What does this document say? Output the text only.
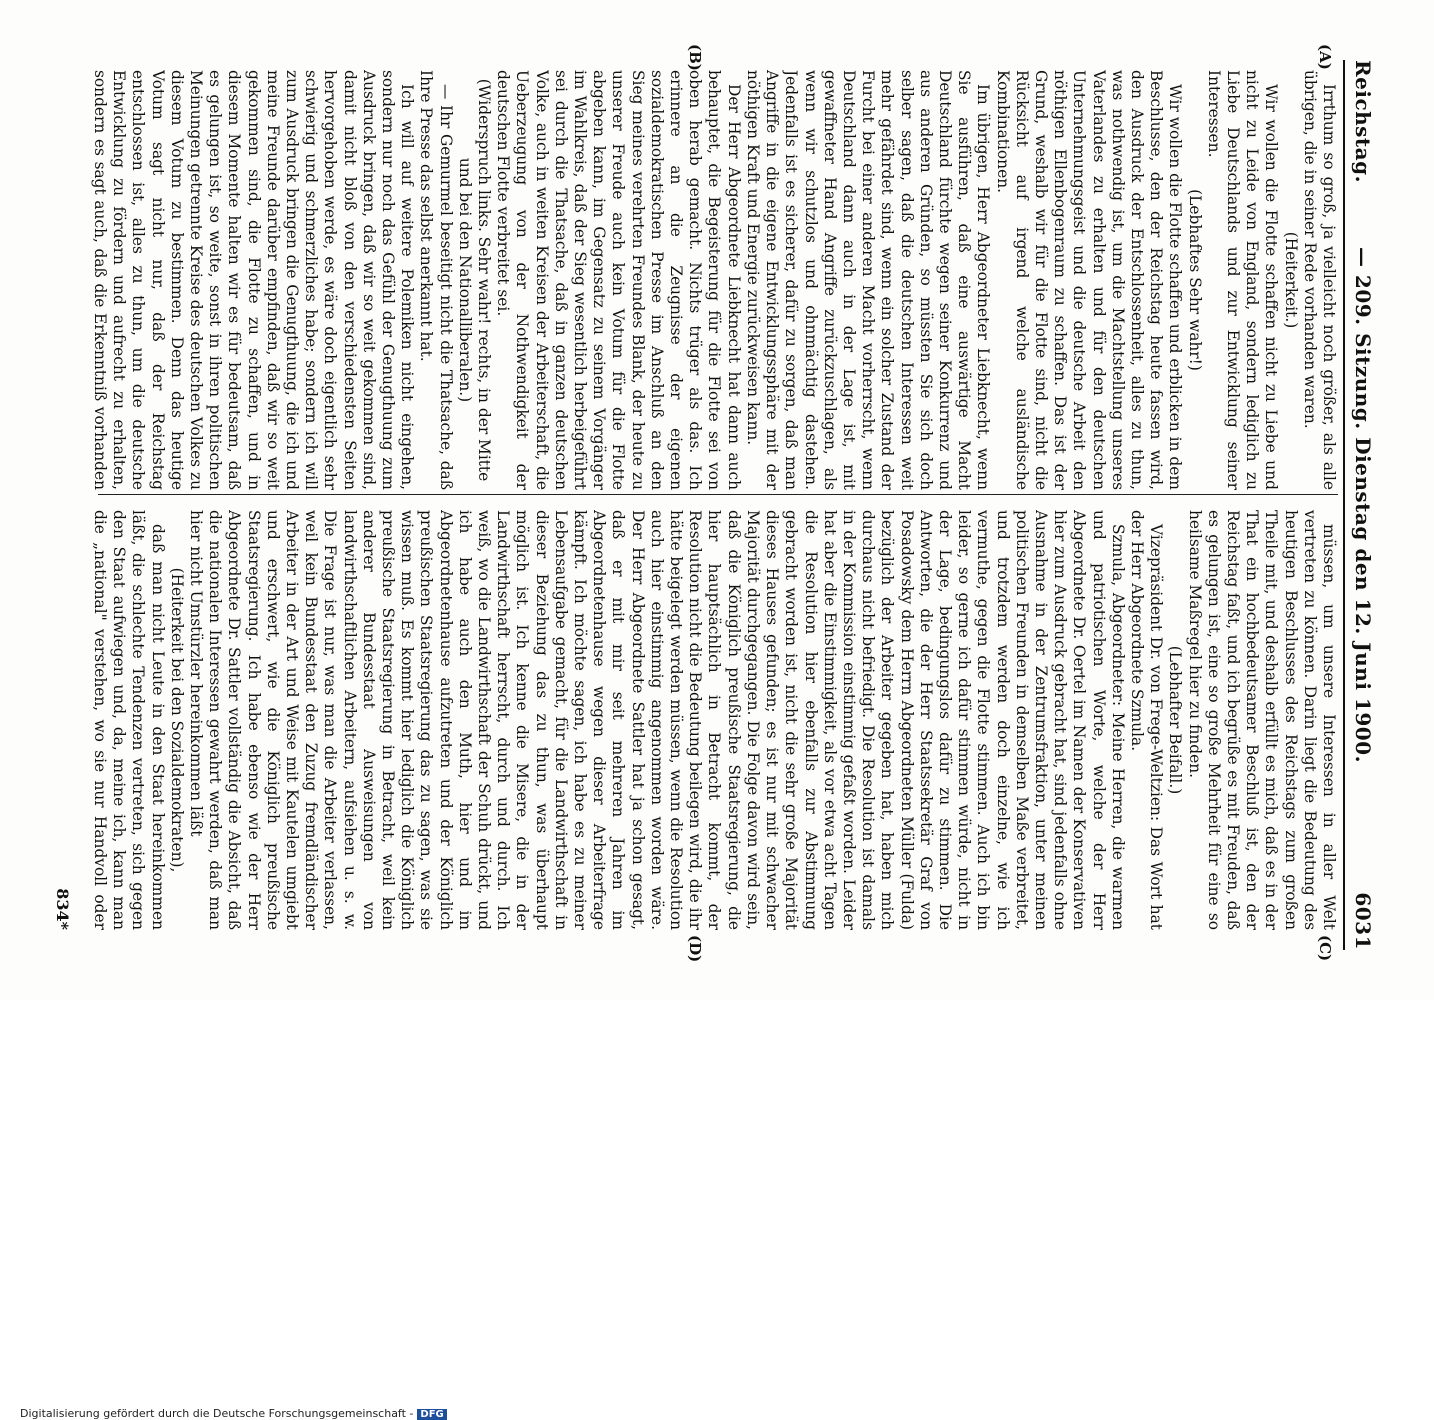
Reichstag.
— 209. Sitzung. Dienstag den 12. Juni 1900.
6031
(A)
(B)
(C)
(D)

Irrthum so groß, ja vielleicht noch größer, als alle übrigen, die in seiner Rede vorhanden waren.

(Heiterkeit.)

Wir wollen die Flotte schaffen nicht zu Liebe und nicht zu Leide von England, sondern lediglich zu Liebe Deutschlands und zur Entwicklung seiner Interessen.

(Lebhaftes Sehr wahr!)

Wir wollen die Flotte schaffen und erblicken in dem Beschlusse, den der Reichstag heute fassen wird, den Ausdruck der Entschlossenheit, alles zu thun, was nothwendig ist, um die Machtstellung unseres Vaterlandes zu erhalten und für den deutschen Unternehmungsgeist und die deutsche Arbeit den nöthigen Ellenbogenraum zu schaffen. Das ist der Grund, weshalb wir für die Flotte sind, nicht die Rücksicht auf irgend welche ausländische Kombinationen.

Im übrigen, Herr Abgeordneter Liebknecht, wenn Sie ausführen, daß eine auswärtige Macht Deutschland fürchte wegen seiner Konkurrenz und aus anderen Gründen, so müssten Sie sich doch selber sagen, daß die deutschen Interessen weit mehr gefährdet sind, wenn ein solcher Zustand der Furcht bei einer anderen Macht vorherrscht, wenn Deutschland dann auch in der Lage ist, mit gewaffneter Hand Angriffe zurückzuschlagen, als wenn wir schutzlos und ohnmächtig dastehen. Jedenfalls ist es sicherer, dafür zu sorgen, daß man Angriffe in die eigene Entwicklungssphäre mit der nöthigen Kraft und Energie zurückweisen kann.

Der Herr Abgeordnete Liebknecht hat dann auch behauptet, die Begeisterung für die Flotte sei von oben herab gemacht. Nichts trüger als das. Ich erinnere an die Zeugnisse der eigenen sozialdemokratischen Presse im Anschluß an den Sieg meines verehrten Freundes Blank, der heute zu unserer Freude auch kein Votum für die Flotte abgeben kann, im Gegensatz zu seinem Vorgänger im Wahlkreis, daß der Sieg wesentlich herbeigeführt sei durch die Thatsache, daß in ganzen deutschen Volke, auch in weiten Kreisen der Arbeiterschaft, die Ueberzeugung von der Nothwendigkeit der deutschen Flotte verbreitet sei.

(Widerspruch links. Sehr wahr! rechts, in der Mitte und bei den Nationalliberalen.)

— Ihr Gemurmel beseitigt nicht die Thatsache, daß Ihre Presse das selbst anerkannt hat.

Ich will auf weitere Polemiken nicht eingehen, sondern nur noch das Gefühl der Genugthuung zum Ausdruck bringen, daß wir so weit gekommen sind, damit nicht bloß von den verschiedensten Seiten hervorgehoben werde, es wäre doch eigentlich sehr schwierig und schmerzliches habe; sondern ich will zum Ausdruck bringen die Genugthuung, die ich und meine Freunde darüber empfinden, daß wir so weit gekommen sind, die Flotte zu schaffen, und in diesem Momente halten wir es für bedeutsam, daß es gelungen ist, so weite, sonst in ihren politischen Meinungen getrennte Kreise des deutschen Volkes zu diesem Votum zu bestimmen. Denn das heutige Votum sagt nicht nur, daß der Reichstag entschlossen ist, alles zu thun, um die deutsche Entwicklung zu fördern und aufrecht zu erhalten, sondern es sagt auch, daß die Erkenntniß vorhanden

müssen, um unsere Interessen in aller Welt vertreten zu können. Darin liegt die Bedeutung des heutigen Beschlusses des Reichstags zum großen Theile mit, und deshalb erfüllt es mich, daß es in der That ein hochbedeutsamer Beschluß ist, den der Reichstag faßt, und ich begrüße es mit Freuden, daß es gelungen ist, eine so große Mehrheit für eine so heilsame Maßregel hier zu finden.

(Lebhafter Beifall.)

Vizepräsident Dr. von Frege-Weltzien: Das Wort hat der Herr Abgeordnete Szmula.

Szmula, Abgeordneter: Meine Herren, die warmen und patriotischen Worte, welche der Herr Abgeordnete Dr. Oertel im Namen der Konservativen hier zum Ausdruck gebracht hat, sind jedenfalls ohne Ausnahme in der Zentrumsfraktion, unter meinen politischen Freunden in demselben Maße verbreitet, und trotzdem werden doch einzelne, wie ich vermuthe, gegen die Flotte stimmen. Auch ich bin leider, so gerne ich dafür stimmen würde, nicht in der Lage, bedingungslos dafür zu stimmen. Die Antworten, die der Herr Staatssekretär Graf von Posadowsky dem Herrn Abgeordneten Müller (Fulda) bezüglich der Arbeiter gegeben hat, haben mich durchaus nicht befriedigt. Die Resolution ist damals in der Kommission einstimmig gefaßt worden. Leider hat aber die Einstimmigkeit, als vor etwa acht Tagen die Resolution hier ebenfalls zur Abstimmung gebracht worden ist, nicht die sehr große Majorität dieses Hauses gefunden; es ist nur mit schwacher Majorität durchgegangen. Die Folge davon wird sein, daß die Königlich preußische Staatsregierung, die hier hauptsächlich in Betracht kommt, der Resolution nicht die Bedeutung beilegen wird, die ihr hätte beigelegt werden müssen, wenn die Resolution auch hier einstimmig angenommen worden wäre. Der Herr Abgeordnete Sattler hat ja schon gesagt, daß er mit mir seit mehreren Jahren im Abgeordnetenhause wegen dieser Arbeiterfrage kämpft. Ich möchte sagen, ich habe es zu meiner Lebensaufgabe gemacht, für die Landwirthschaft in dieser Beziehung das zu thun, was überhaupt möglich ist. Ich kenne die Misere, die in der Landwirthschaft herrscht, durch und durch. Ich weiß, wo die Landwirthschaft der Schuh drückt, und ich habe auch den Muth, hier und im Abgeordnetenhause aufzutreten und der Königlich preußischen Staatsregierung das zu sagen, was sie wissen muß. Es kommt hier lediglich die Königlich preußische Staatsregierung in Betracht, weil kein anderer Bundesstaat Ausweisungen von landwirthschaftlichen Arbeitern, aufsiehen u. s. w. Die Frage ist nur, was man die Arbeiter verlassen, weil kein Bundesstaat den Zuzug fremdländischer Arbeiter in der Art und Weise mit Kautelen umgiebt und erschwert, wie die Königlich preußische Staatsregierung. Ich habe ebenso wie der Herr Abgeordnete Dr. Sattler vollständig die Absicht, daß die nationalen Interessen gewahrt werden, daß man hier nicht Umstürzler hereinkommen läßt

(Heiterkeit bei den Sozialdemokraten),

daß man nicht Leute in den Staat hereinkommen läßt, die schlechte Tendenzen vertreten, sich gegen den Staat aufwiegen und, da, meine ich, kann man die „national" verstehen, wo sie nur Handvoll oder

834*
Digitalisierung gefördert durch die Deutsche Forschungsgemeinschaft - DFG
